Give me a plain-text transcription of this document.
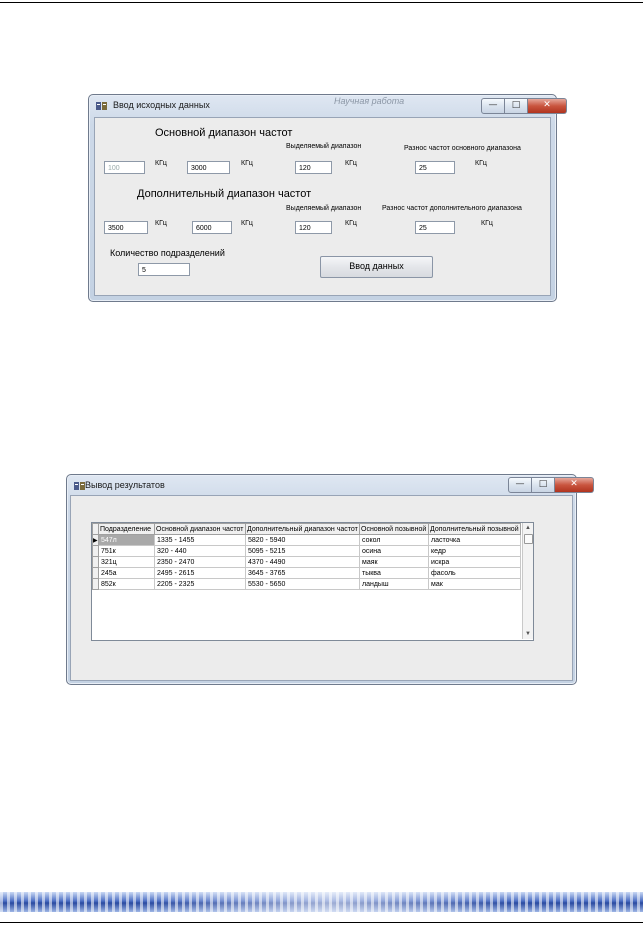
Ввод исходных данных	Научная работа	—	□	✕
Основной диапазон частот
Выделяемый диапазон	Разнос частот основного диапазона
100
КГц
3000
КГц
120
КГц
25
КГц
Дополнительный диапазон частот
Выделяемый диапазон	Разнос частот дополнительного диапазона
3500
КГц
6000
КГц
120
КГц
25
КГц
Количество подразделений
5	Ввод данных
Вывод результатов	—	□	✕
	Подразделение	Основной диапазон частот	Дополнительный диапазон частот	Основной позывной	Дополнительный позывной
▶	547л	1335 - 1455	5820 - 5940	сокол	ласточка
	751к	320 - 440	5095 - 5215	осина	кедр
	321ц	2350 - 2470	4370 - 4490	маяк	искра
	245а	2495 - 2615	3645 - 3765	тыква	фасоль
	852к	2205 - 2325	5530 - 5650	ландыш	мак
▲
▼
